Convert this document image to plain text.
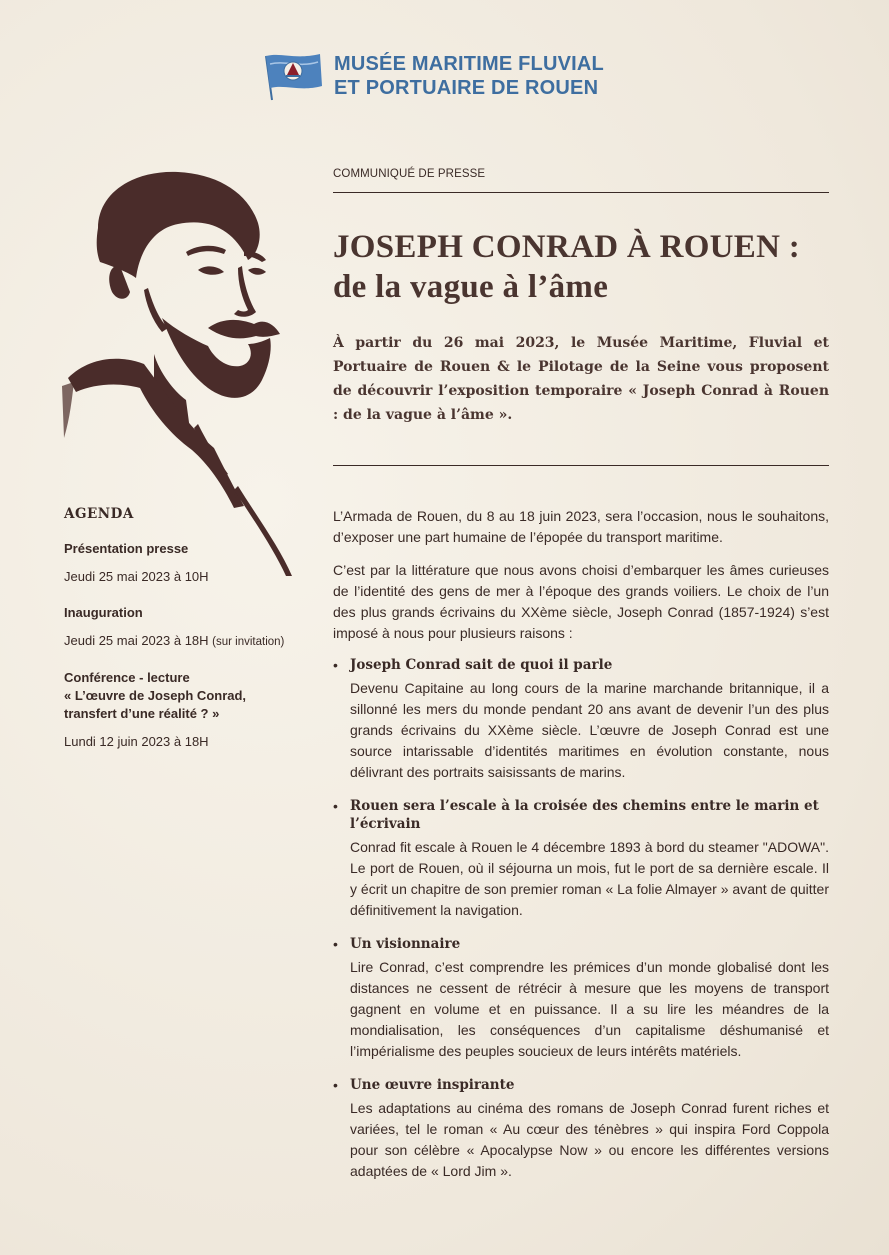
MUSÉE MARITIME FLUVIAL
ET PORTUAIRE DE ROUEN
COMMUNIQUÉ DE PRESSE
JOSEPH CONRAD À ROUEN :
de la vague à l’âme

À partir du 26 mai 2023, le Musée Maritime, Fluvial et Portuaire de Rouen & le Pilotage de la Seine vous proposent de découvrir l’exposition temporaire « Joseph Conrad à Rouen : de la vague à l’âme ».

AGENDA
Présentation presse
Jeudi 25 mai 2023 à 10H
Inauguration
Jeudi 25 mai 2023 à 18H (sur invitation)
Conférence - lecture
« L’œuvre de Joseph Conrad,
transfert d’une réalité ? »
Lundi 12 juin 2023 à 18H

L’Armada de Rouen, du 8 au 18 juin 2023, sera l’occasion, nous le souhaitons, d’exposer une part humaine de l’épopée du transport maritime.

C’est par la littérature que nous avons choisi d’embarquer les âmes curieuses de l’identité des gens de mer à l’époque des grands voiliers. Le choix de l’un des plus grands écrivains du XXème siècle, Joseph Conrad (1857-1924) s’est imposé à nous pour plusieurs raisons :

• Joseph Conrad sait de quoi il parle

Devenu Capitaine au long cours de la marine marchande britannique, il a sillonné les mers du monde pendant 20 ans avant de devenir l’un des plus grands écrivains du XXème siècle. L’œuvre de Joseph Conrad est une source intarissable d’identités maritimes en évolution constante, nous délivrant des portraits saisissants de marins.

• Rouen sera l’escale à la croisée des chemins entre le marin et l’écrivain

Conrad fit escale à Rouen le 4 décembre 1893 à bord du steamer "ADOWA". Le port de Rouen, où il séjourna un mois, fut le port de sa dernière escale. Il y écrit un chapitre de son premier roman « La folie Almayer » avant de quitter définitivement la navigation.

• Un visionnaire

Lire Conrad, c’est comprendre les prémices d’un monde globalisé dont les distances ne cessent de rétrécir à mesure que les moyens de transport gagnent en volume et en puissance. Il a su lire les méandres de la mondialisation, les conséquences d’un capitalisme déshumanisé et l’impérialisme des peuples soucieux de leurs intérêts matériels.

• Une œuvre inspirante

Les adaptations au cinéma des romans de Joseph Conrad furent riches et variées, tel le roman « Au cœur des ténèbres » qui inspira Ford Coppola pour son célèbre « Apocalypse Now » ou encore les différentes versions adaptées de « Lord Jim ».
